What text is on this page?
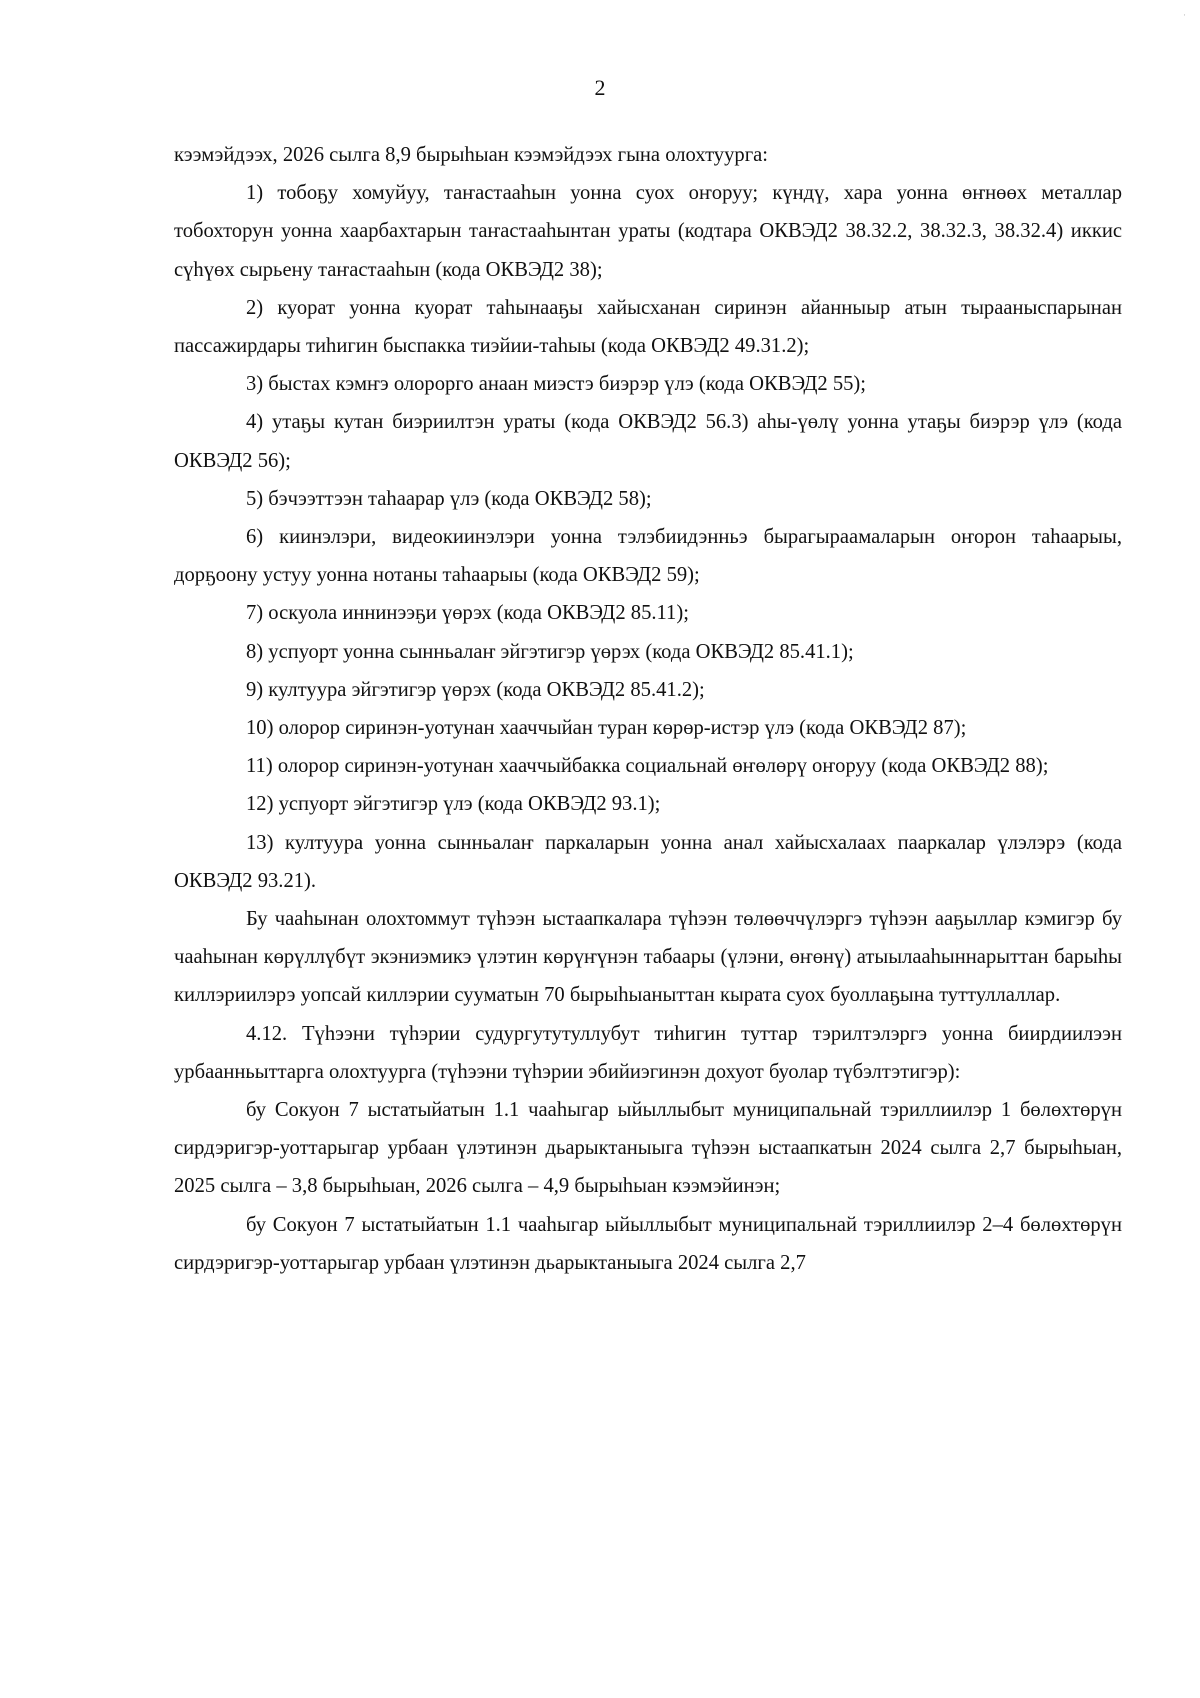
·
2

кээмэйдээх, 2026 сылга 8,9 бырыһыан кээмэйдээх гына олохтуурга:

1) тобоҕу хомуйуу, таҥастааһын уонна суох оҥоруу; күндү, хара уонна өҥнөөх металлар тобохторун уонна хаарбахтарын таҥастааһынтан ураты (кодтара ОКВЭД2 38.32.2, 38.32.3, 38.32.4) иккис сүһүөх сырьену таҥастааһын (кода ОКВЭД2 38);

2) куорат уонна куорат таһынааҕы хайысханан сиринэн айанныыр атын тырааныспарынан пассажирдары тиһигин быспакка тиэйии-таһыы (кода ОКВЭД2 49.31.2);

3) быстах кэмҥэ олорорго анаан миэстэ биэрэр үлэ (кода ОКВЭД2 55);

4) утаҕы кутан биэриилтэн ураты (кода ОКВЭД2 56.3) аһы-үөлү уонна утаҕы биэрэр үлэ (кода ОКВЭД2 56);

5) бэчээттээн таһаарар үлэ (кода ОКВЭД2 58);

6) киинэлэри, видеокиинэлэри уонна тэлэбиидэнньэ бырагыраамаларын оҥорон таһаарыы, дорҕоону устуу уонна нотаны таһаарыы (кода ОКВЭД2 59);

7) оскуола иннинээҕи үөрэх (кода ОКВЭД2 85.11);

8) успуорт уонна сынньалаҥ эйгэтигэр үөрэх (кода ОКВЭД2 85.41.1);

9) култуура эйгэтигэр үөрэх (кода ОКВЭД2 85.41.2);

10) олорор сиринэн-уотунан хааччыйан туран көрөр-истэр үлэ (кода ОКВЭД2 87);

11) олорор сиринэн-уотунан хааччыйбакка социальнай өҥөлөрү оҥоруу (кода ОКВЭД2 88);

12) успуорт эйгэтигэр үлэ (кода ОКВЭД2 93.1);

13) култуура уонна сынньалаҥ паркаларын уонна анал хайысхалаах пааркалар үлэлэрэ (кода ОКВЭД2 93.21).

Бу чааһынан олохтоммут түһээн ыстаапкалара түһээн төлөөччүлэргэ түһээн ааҕыллар кэмигэр бу чааһынан көрүллүбүт экэниэмикэ үлэтин көрүҥүнэн табаары (үлэни, өҥөнү) атыылааһыннарыттан барыһы киллэриилэрэ уопсай киллэрии сууматын 70 бырыһыаныттан кырата суох буоллаҕына туттуллаллар.

4.12. Түһээни түһэрии судургутутуллубут тиһигин туттар тэрилтэлэргэ уонна биирдиилээн урбаанньыттарга олохтуурга (түһээни түһэрии эбийиэгинэн дохуот буолар түбэлтэтигэр):

бу Сокуон 7 ыстатыйатын 1.1 чааһыгар ыйыллыбыт муниципальнай тэриллиилэр 1 бөлөхтөрүн сирдэригэр-уоттарыгар урбаан үлэтинэн дьарыктаныыга түһээн ыстаапкатын 2024 сылга 2,7 бырыһыан, 2025 сылга – 3,8 бырыһыан, 2026 сылга – 4,9 бырыһыан кээмэйинэн;

бу Сокуон 7 ыстатыйатын 1.1 чааһыгар ыйыллыбыт муниципальнай тэриллиилэр 2–4 бөлөхтөрүн сирдэригэр-уоттарыгар урбаан үлэтинэн дьарыктаныыга 2024 сылга 2,7
